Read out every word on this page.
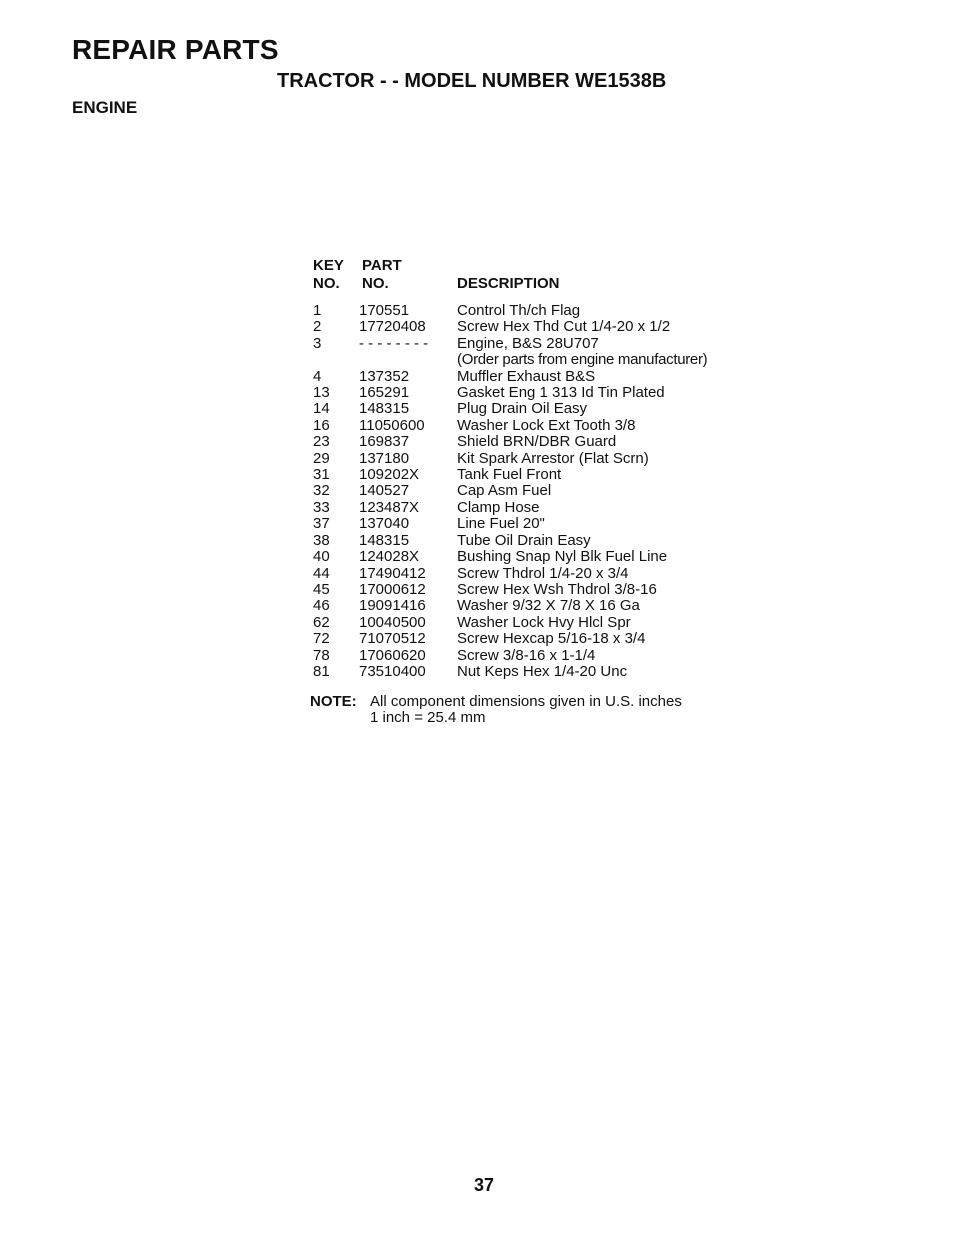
REPAIR PARTS
TRACTOR - - MODEL NUMBER WE1538B
ENGINE
KEY
NO.
PART
NO.
	DESCRIPTION
1	170551	Control Th/ch Flag
2	17720408	Screw Hex Thd Cut 1/4-20 x 1/2
3	- - - - - - - -	Engine, B&S 28U707
(Order parts from engine manufacturer)
4	137352	Muffler Exhaust B&S
13	165291	Gasket Eng 1 313 Id Tin Plated
14	148315	Plug Drain Oil Easy
16	11050600	Washer Lock Ext Tooth 3/8
23	169837	Shield BRN/DBR Guard
29	137180	Kit Spark Arrestor (Flat Scrn)
31	109202X	Tank Fuel Front
32	140527	Cap Asm Fuel
33	123487X	Clamp Hose
37	137040	Line Fuel 20"
38	148315	Tube Oil Drain Easy
40	124028X	Bushing Snap Nyl Blk Fuel Line
44	17490412	Screw Thdrol 1/4-20 x 3/4
45	17000612	Screw Hex Wsh Thdrol 3/8-16
46	19091416	Washer 9/32 X 7/8 X 16 Ga
62	10040500	Washer Lock Hvy Hlcl Spr
72	71070512	Screw Hexcap 5/16-18 x 3/4
78	17060620	Screw 3/8-16 x 1-1/4
81	73510400	Nut Keps Hex 1/4-20 Unc
NOTE: All component dimensions given in U.S. inches
1 inch = 25.4 mm
37
